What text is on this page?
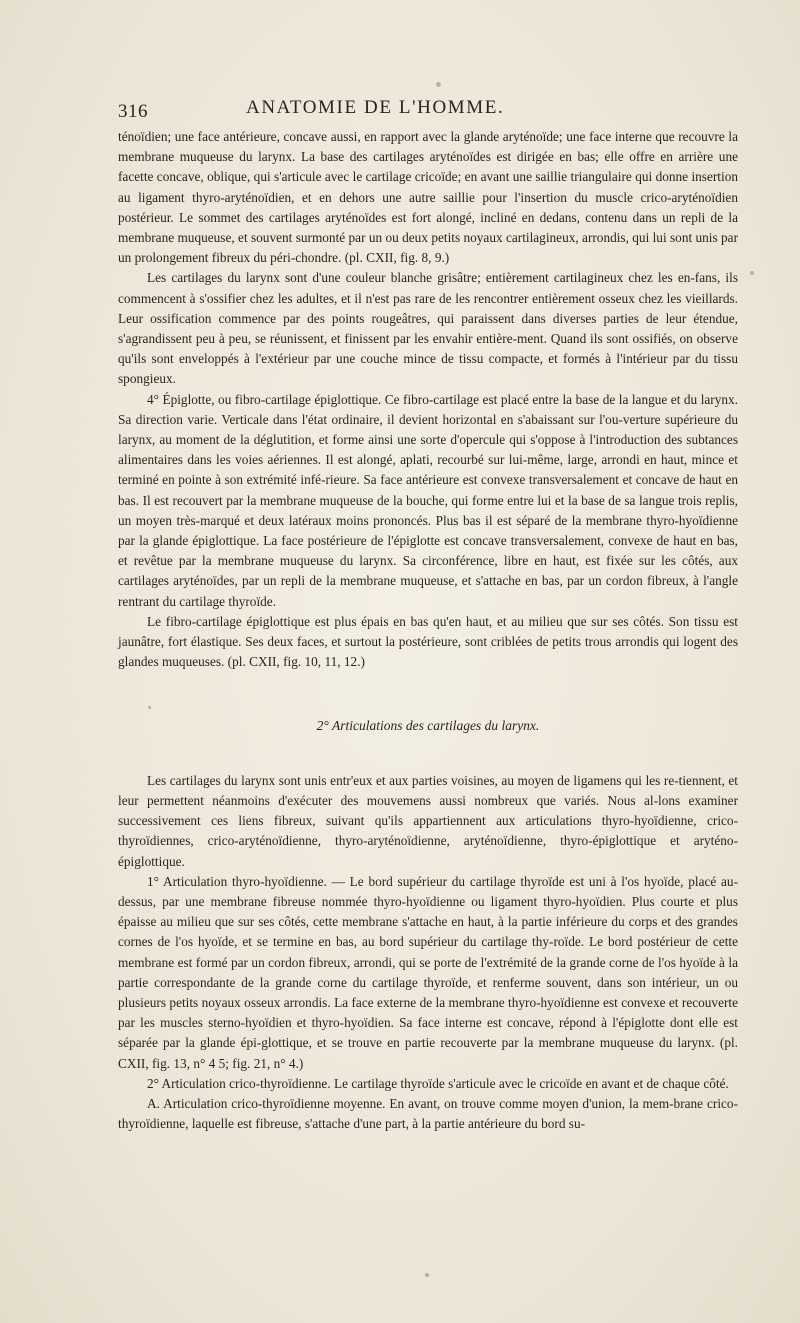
316	ANATOMIE DE L'HOMME.

ténoïdien; une face antérieure, concave aussi, en rapport avec la glande aryténoïde; une face interne que recouvre la membrane muqueuse du larynx. La base des cartilages aryténoïdes est dirigée en bas; elle offre en arrière une facette concave, oblique, qui s'articule avec le cartilage cricoïde; en avant une saillie triangulaire qui donne insertion au ligament thyro-aryténoïdien, et en dehors une autre saillie pour l'insertion du muscle crico-aryténoïdien postérieur. Le sommet des cartilages aryténoïdes est fort alongé, incliné en dedans, contenu dans un repli de la membrane muqueuse, et souvent surmonté par un ou deux petits noyaux cartilagineux, arrondis, qui lui sont unis par un prolongement fibreux du péri-chondre. (pl. CXII, fig. 8, 9.)

Les cartilages du larynx sont d'une couleur blanche grisâtre; entièrement cartilagineux chez les en-fans, ils commencent à s'ossifier chez les adultes, et il n'est pas rare de les rencontrer entièrement osseux chez les vieillards. Leur ossification commence par des points rougeâtres, qui paraissent dans diverses parties de leur étendue, s'agrandissent peu à peu, se réunissent, et finissent par les envahir entière-ment. Quand ils sont ossifiés, on observe qu'ils sont enveloppés à l'extérieur par une couche mince de tissu compacte, et formés à l'intérieur par du tissu spongieux.

4° Épiglotte, ou fibro-cartilage épiglottique. Ce fibro-cartilage est placé entre la base de la langue et du larynx. Sa direction varie. Verticale dans l'état ordinaire, il devient horizontal en s'abaissant sur l'ou-verture supérieure du larynx, au moment de la déglutition, et forme ainsi une sorte d'opercule qui s'oppose à l'introduction des subtances alimentaires dans les voies aériennes. Il est alongé, aplati, recourbé sur lui-même, large, arrondi en haut, mince et terminé en pointe à son extrémité infé-rieure. Sa face antérieure est convexe transversalement et concave de haut en bas. Il est recouvert par la membrane muqueuse de la bouche, qui forme entre lui et la base de sa langue trois replis, un moyen très-marqué et deux latéraux moins prononcés. Plus bas il est séparé de la membrane thyro-hyoïdienne par la glande épiglottique. La face postérieure de l'épiglotte est concave transversalement, convexe de haut en bas, et revêtue par la membrane muqueuse du larynx. Sa circonférence, libre en haut, est fixée sur les côtés, aux cartilages aryténoïdes, par un repli de la membrane muqueuse, et s'attache en bas, par un cordon fibreux, à l'angle rentrant du cartilage thyroïde.

Le fibro-cartilage épiglottique est plus épais en bas qu'en haut, et au milieu que sur ses côtés. Son tissu est jaunâtre, fort élastique. Ses deux faces, et surtout la postérieure, sont criblées de petits trous arrondis qui logent des glandes muqueuses. (pl. CXII, fig. 10, 11, 12.)

2° Articulations des cartilages du larynx.

Les cartilages du larynx sont unis entr'eux et aux parties voisines, au moyen de ligamens qui les re-tiennent, et leur permettent néanmoins d'exécuter des mouvemens aussi nombreux que variés. Nous al-lons examiner successivement ces liens fibreux, suivant qu'ils appartiennent aux articulations thyro-hyoïdienne, crico-thyroïdiennes, crico-aryténoïdienne, thyro-aryténoïdienne, aryténoïdienne, thyro-épiglottique et aryténo-épiglottique.

1° Articulation thyro-hyoïdienne. — Le bord supérieur du cartilage thyroïde est uni à l'os hyoïde, placé au-dessus, par une membrane fibreuse nommée thyro-hyoïdienne ou ligament thyro-hyoïdien. Plus courte et plus épaisse au milieu que sur ses côtés, cette membrane s'attache en haut, à la partie inférieure du corps et des grandes cornes de l'os hyoïde, et se termine en bas, au bord supérieur du cartilage thy-roïde. Le bord postérieur de cette membrane est formé par un cordon fibreux, arrondi, qui se porte de l'extrémité de la grande corne de l'os hyoïde à la partie correspondante de la grande corne du cartilage thyroïde, et renferme souvent, dans son intérieur, un ou plusieurs petits noyaux osseux arrondis. La face externe de la membrane thyro-hyoïdienne est convexe et recouverte par les muscles sterno-hyoïdien et thyro-hyoïdien. Sa face interne est concave, répond à l'épiglotte dont elle est séparée par la glande épi-glottique, et se trouve en partie recouverte par la membrane muqueuse du larynx. (pl. CXII, fig. 13, n° 4 5; fig. 21, n° 4.)

2° Articulation crico-thyroïdienne. Le cartilage thyroïde s'articule avec le cricoïde en avant et de chaque côté.

A. Articulation crico-thyroïdienne moyenne. En avant, on trouve comme moyen d'union, la mem-brane crico-thyroïdienne, laquelle est fibreuse, s'attache d'une part, à la partie antérieure du bord su-
